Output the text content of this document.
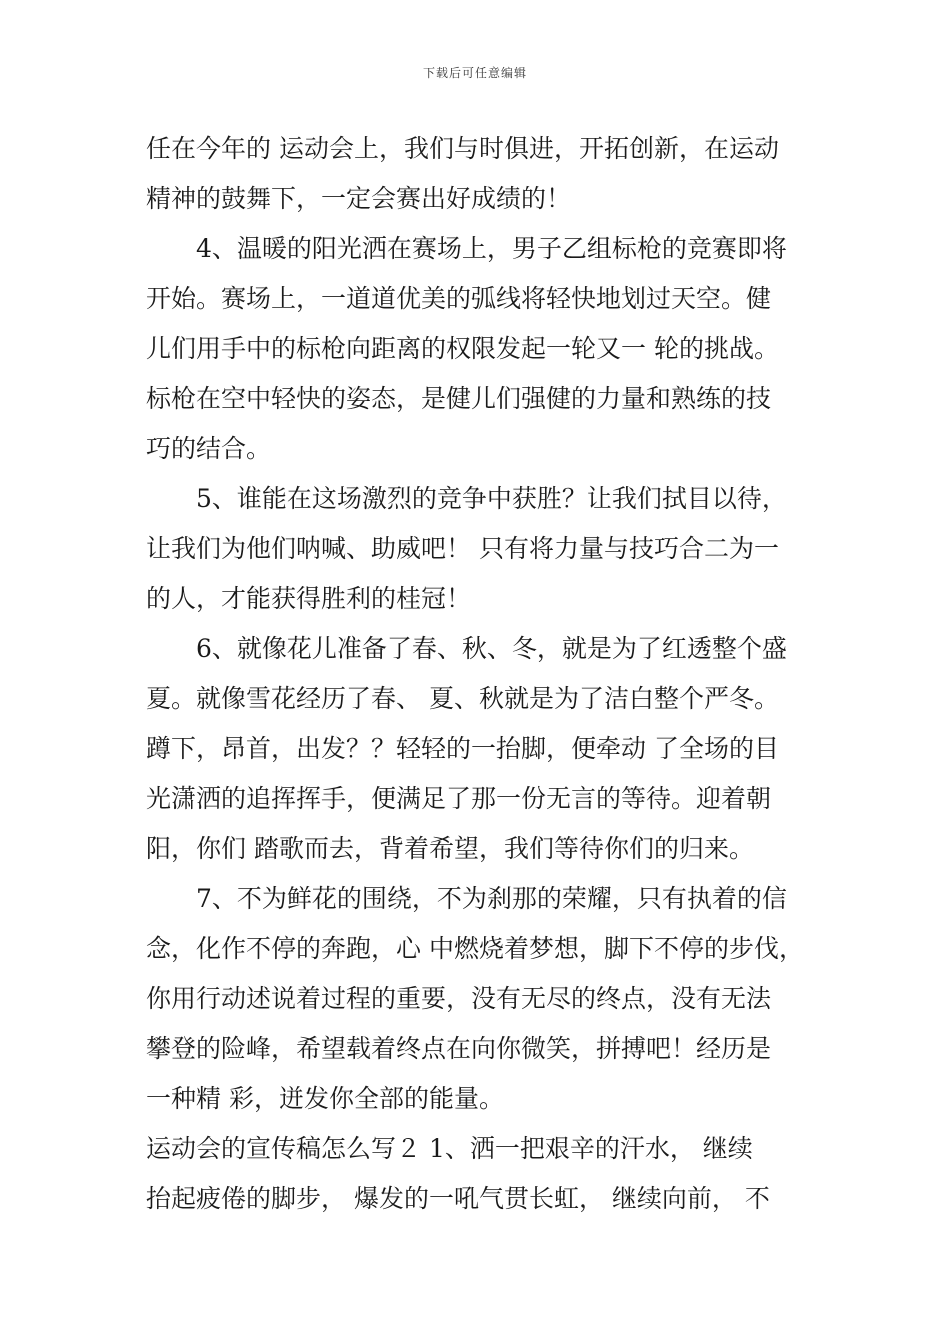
下载后可任意编辑
任在今年的 运动会上，我们与时俱进，开拓创新，在运动
精神的鼓舞下，一定会赛出好成绩的！
4、温暖的阳光洒在赛场上，男子乙组标枪的竞赛即将
开始。赛场上，一道道优美的弧线将轻快地划过天空。健
儿们用手中的标枪向距离的权限发起一轮又一 轮的挑战。
标枪在空中轻快的姿态，是健儿们强健的力量和熟练的技
巧的结合。
5、谁能在这场激烈的竞争中获胜？让我们拭目以待，
让我们为他们呐喊、助威吧！ 只有将力量与技巧合二为一
的人，才能获得胜利的桂冠！
6、就像花儿准备了春、秋、冬，就是为了红透整个盛
夏。就像雪花经历了春、 夏、秋就是为了洁白整个严冬。
蹲下，昂首，出发？？轻轻的一抬脚，便牵动 了全场的目
光潇洒的追挥挥手，便满足了那一份无言的等待。迎着朝
阳，你们 踏歌而去，背着希望，我们等待你们的归来。
7、不为鲜花的围绕，不为刹那的荣耀，只有执着的信
念，化作不停的奔跑，心 中燃烧着梦想，脚下不停的步伐，
你用行动述说着过程的重要，没有无尽的终点，没有无法
攀登的险峰，希望载着终点在向你微笑，拼搏吧！经历是
一种精 彩，迸发你全部的能量。
运动会的宣传稿怎么写２ 1、洒一把艰辛的汗水， 继续
抬起疲倦的脚步， 爆发的一吼气贯长虹， 继续向前， 不
